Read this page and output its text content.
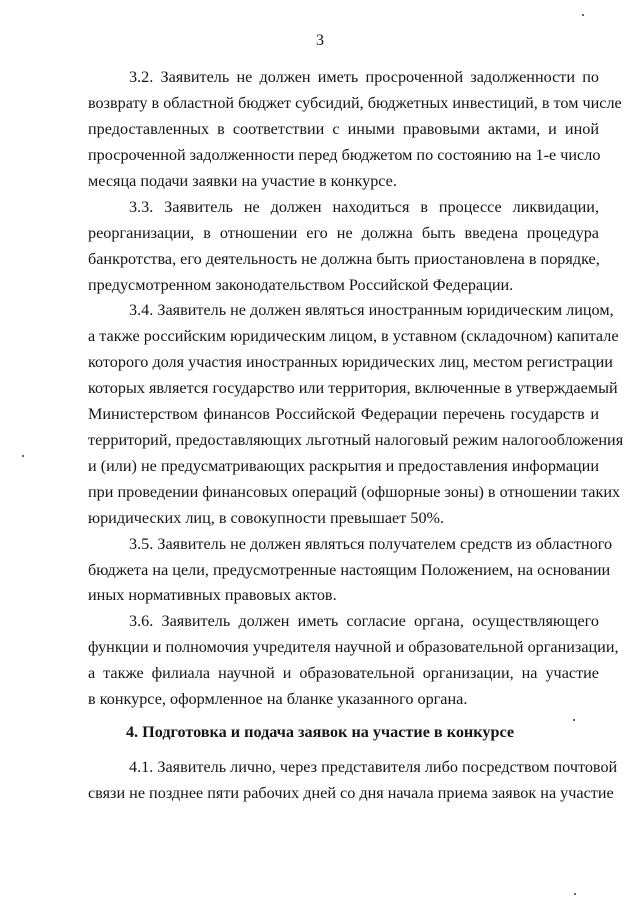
3
3.2. Заявитель не должен иметь просроченной задолженности по
возврату в областной бюджет субсидий, бюджетных инвестиций, в том числе
предоставленных в соответствии с иными правовыми актами, и иной
просроченной задолженности перед бюджетом по состоянию на 1-е число
месяца подачи заявки на участие в конкурсе.
3.3. Заявитель не должен находиться в процессе ликвидации,
реорганизации, в отношении его не должна быть введена процедура
банкротства, его деятельность не должна быть приостановлена в порядке,
предусмотренном законодательством Российской Федерации.
3.4. Заявитель не должен являться иностранным юридическим лицом,
а также российским юридическим лицом, в уставном (складочном) капитале
которого доля участия иностранных юридических лиц, местом регистрации
которых является государство или территория, включенные в утверждаемый
Министерством финансов Российской Федерации перечень государств и
территорий, предоставляющих льготный налоговый режим налогообложения
и (или) не предусматривающих раскрытия и предоставления информации
при проведении финансовых операций (офшорные зоны) в отношении таких
юридических лиц, в совокупности превышает 50%.
3.5. Заявитель не должен являться получателем средств из областного
бюджета на цели, предусмотренные настоящим Положением, на основании
иных нормативных правовых актов.
3.6. Заявитель должен иметь согласие органа, осуществляющего
функции и полномочия учредителя научной и образовательной организации,
а также филиала научной и образовательной организации, на участие
в конкурсе, оформленное на бланке указанного органа.
4. Подготовка и подача заявок на участие в конкурсе
4.1. Заявитель лично, через представителя либо посредством почтовой
связи не позднее пяти рабочих дней со дня начала приема заявок на участие
